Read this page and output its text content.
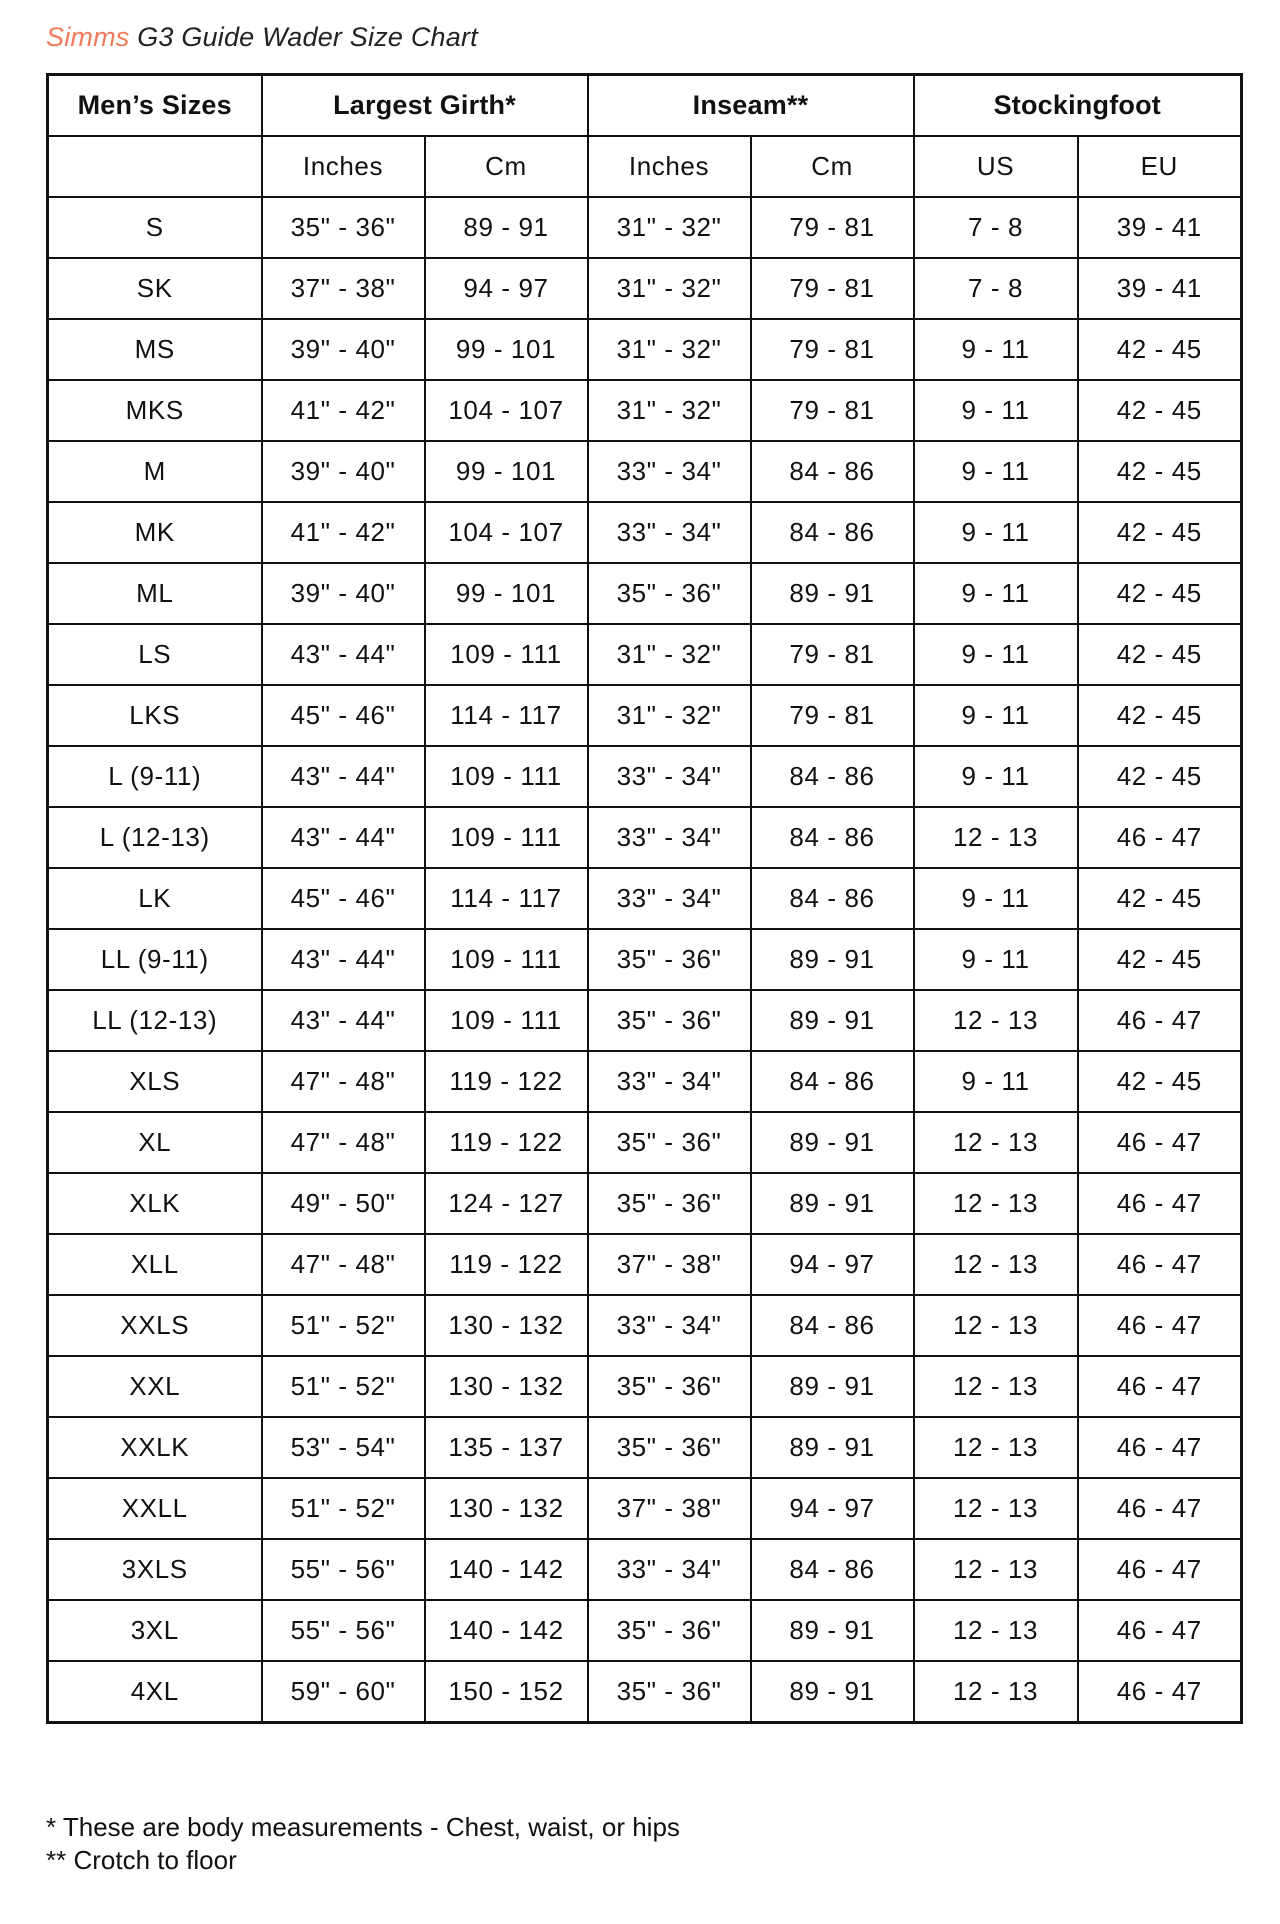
Simms G3 Guide Wader Size Chart
Men’s Sizes	Largest Girth*		Inseam**		Stockingfoot	
	Inches	Cm	Inches	Cm	US	EU
S	35" - 36"	89 - 91	31" - 32"	79 - 81	7 - 8	39 - 41
SK	37" - 38"	94 - 97	31" - 32"	79 - 81	7 - 8	39 - 41
MS	39" - 40"	99 - 101	31" - 32"	79 - 81	9 - 11	42 - 45
MKS	41" - 42"	104 - 107	31" - 32"	79 - 81	9 - 11	42 - 45
M	39" - 40"	99 - 101	33" - 34"	84 - 86	9 - 11	42 - 45
MK	41" - 42"	104 - 107	33" - 34"	84 - 86	9 - 11	42 - 45
ML	39" - 40"	99 - 101	35" - 36"	89 - 91	9 - 11	42 - 45
LS	43" - 44"	109 - 111	31" - 32"	79 - 81	9 - 11	42 - 45
LKS	45" - 46"	114 - 117	31" - 32"	79 - 81	9 - 11	42 - 45
L (9-11)	43" - 44"	109 - 111	33" - 34"	84 - 86	9 - 11	42 - 45
L (12-13)	43" - 44"	109 - 111	33" - 34"	84 - 86	12 - 13	46 - 47
LK	45" - 46"	114 - 117	33" - 34"	84 - 86	9 - 11	42 - 45
LL (9-11)	43" - 44"	109 - 111	35" - 36"	89 - 91	9 - 11	42 - 45
LL (12-13)	43" - 44"	109 - 111	35" - 36"	89 - 91	12 - 13	46 - 47
XLS	47" - 48"	119 - 122	33" - 34"	84 - 86	9 - 11	42 - 45
XL	47" - 48"	119 - 122	35" - 36"	89 - 91	12 - 13	46 - 47
XLK	49" - 50"	124 - 127	35" - 36"	89 - 91	12 - 13	46 - 47
XLL	47" - 48"	119 - 122	37" - 38"	94 - 97	12 - 13	46 - 47
XXLS	51" - 52"	130 - 132	33" - 34"	84 - 86	12 - 13	46 - 47
XXL	51" - 52"	130 - 132	35" - 36"	89 - 91	12 - 13	46 - 47
XXLK	53" - 54"	135 - 137	35" - 36"	89 - 91	12 - 13	46 - 47
XXLL	51" - 52"	130 - 132	37" - 38"	94 - 97	12 - 13	46 - 47
3XLS	55" - 56"	140 - 142	33" - 34"	84 - 86	12 - 13	46 - 47
3XL	55" - 56"	140 - 142	35" - 36"	89 - 91	12 - 13	46 - 47
4XL	59" - 60"	150 - 152	35" - 36"	89 - 91	12 - 13	46 - 47
* These are body measurements - Chest, waist, or hips
** Crotch to floor
